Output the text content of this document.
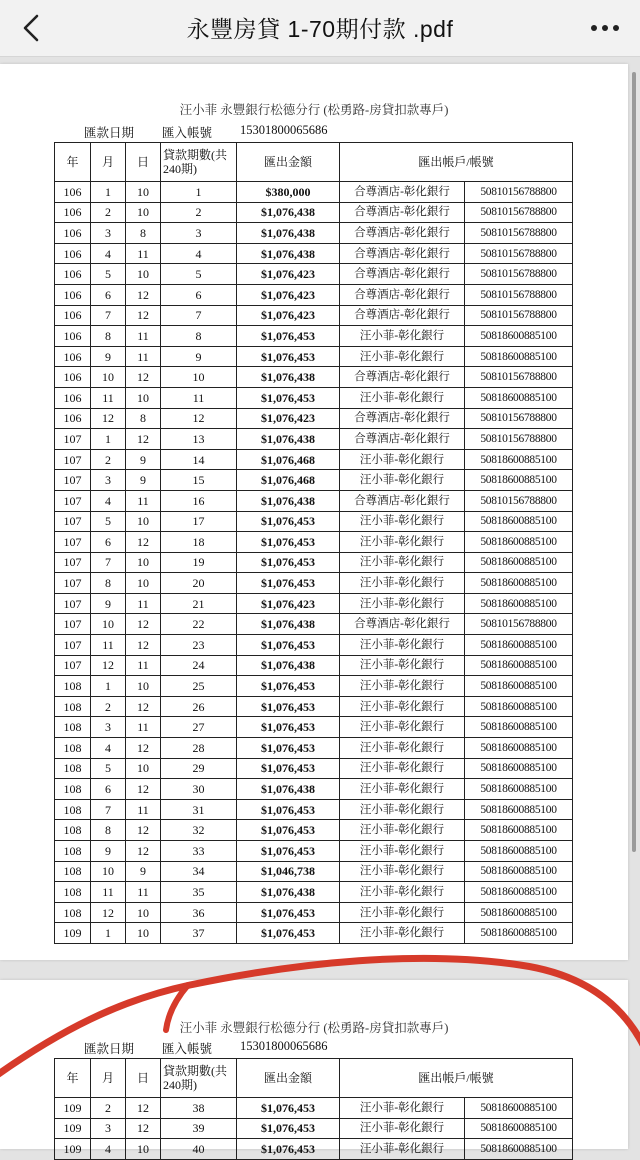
永豐房貸 1-70期付款 .pdf
汪小菲 永豐銀行松德分行 (松勇路-房貸扣款專戶)
匯款日期 匯入帳號 15301800065686
年	月	日	貸款期數(共240期)	匯出金額	匯出帳戶/帳號	
106	1	10	1	$380,000	合尊酒店-彰化銀行	50810156788800
106	2	10	2	$1,076,438	合尊酒店-彰化銀行	50810156788800
106	3	8	3	$1,076,438	合尊酒店-彰化銀行	50810156788800
106	4	11	4	$1,076,438	合尊酒店-彰化銀行	50810156788800
106	5	10	5	$1,076,423	合尊酒店-彰化銀行	50810156788800
106	6	12	6	$1,076,423	合尊酒店-彰化銀行	50810156788800
106	7	12	7	$1,076,423	合尊酒店-彰化銀行	50810156788800
106	8	11	8	$1,076,453	汪小菲-彰化銀行	50818600885100
106	9	11	9	$1,076,453	汪小菲-彰化銀行	50818600885100
106	10	12	10	$1,076,438	合尊酒店-彰化銀行	50810156788800
106	11	10	11	$1,076,453	汪小菲-彰化銀行	50818600885100
106	12	8	12	$1,076,423	合尊酒店-彰化銀行	50810156788800
107	1	12	13	$1,076,438	合尊酒店-彰化銀行	50810156788800
107	2	9	14	$1,076,468	汪小菲-彰化銀行	50818600885100
107	3	9	15	$1,076,468	汪小菲-彰化銀行	50818600885100
107	4	11	16	$1,076,438	合尊酒店-彰化銀行	50810156788800
107	5	10	17	$1,076,453	汪小菲-彰化銀行	50818600885100
107	6	12	18	$1,076,453	汪小菲-彰化銀行	50818600885100
107	7	10	19	$1,076,453	汪小菲-彰化銀行	50818600885100
107	8	10	20	$1,076,453	汪小菲-彰化銀行	50818600885100
107	9	11	21	$1,076,423	汪小菲-彰化銀行	50818600885100
107	10	12	22	$1,076,438	合尊酒店-彰化銀行	50810156788800
107	11	12	23	$1,076,453	汪小菲-彰化銀行	50818600885100
107	12	11	24	$1,076,438	汪小菲-彰化銀行	50818600885100
108	1	10	25	$1,076,453	汪小菲-彰化銀行	50818600885100
108	2	12	26	$1,076,453	汪小菲-彰化銀行	50818600885100
108	3	11	27	$1,076,453	汪小菲-彰化銀行	50818600885100
108	4	12	28	$1,076,453	汪小菲-彰化銀行	50818600885100
108	5	10	29	$1,076,453	汪小菲-彰化銀行	50818600885100
108	6	12	30	$1,076,438	汪小菲-彰化銀行	50818600885100
108	7	11	31	$1,076,453	汪小菲-彰化銀行	50818600885100
108	8	12	32	$1,076,453	汪小菲-彰化銀行	50818600885100
108	9	12	33	$1,076,453	汪小菲-彰化銀行	50818600885100
108	10	9	34	$1,046,738	汪小菲-彰化銀行	50818600885100
108	11	11	35	$1,076,438	汪小菲-彰化銀行	50818600885100
108	12	10	36	$1,076,453	汪小菲-彰化銀行	50818600885100
109	1	10	37	$1,076,453	汪小菲-彰化銀行	50818600885100
汪小菲 永豐銀行松德分行 (松勇路-房貸扣款專戶)
匯款日期 匯入帳號 15301800065686
年	月	日	貸款期數(共240期)	匯出金額	匯出帳戶/帳號	
109	2	12	38	$1,076,453	汪小菲-彰化銀行	50818600885100
109	3	12	39	$1,076,453	汪小菲-彰化銀行	50818600885100
109	4	10	40	$1,076,453	汪小菲-彰化銀行	50818600885100
